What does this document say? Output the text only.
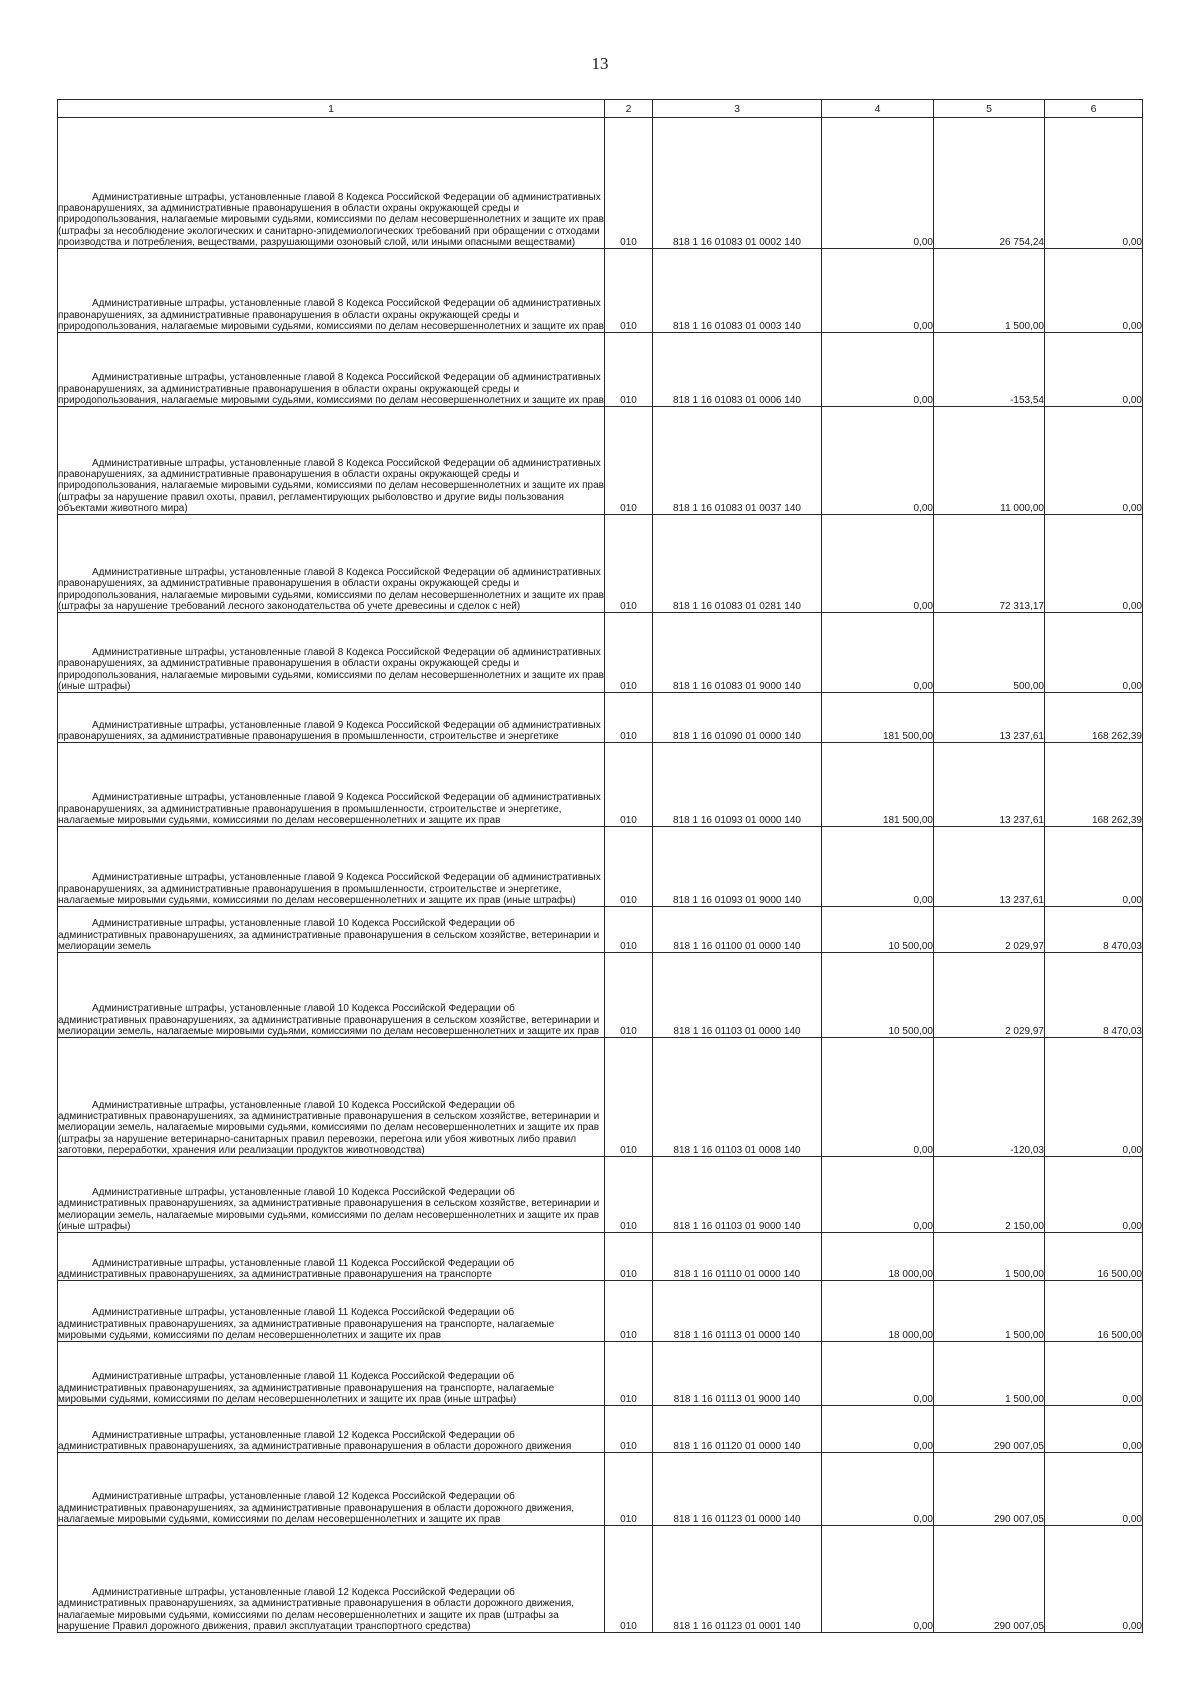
13
1	2	3	4	5	6

Административные штрафы, установленные главой 8 Кодекса Российской Федерации об административных правонарушениях, за административные правонарушения в области охраны окружающей среды и природопользования, налагаемые мировыми судьями, комиссиями по делам несовершеннолетних и защите их прав (штрафы за несоблюдение экологических и санитарно-эпидемиологических требований при обращении с отходами производства и потребления, веществами, разрушающими озоновый слой, или иными опасными веществами)	010	818 1 16 01083 01 0002 140	0,00	26 754,24	0,00

Административные штрафы, установленные главой 8 Кодекса Российской Федерации об административных правонарушениях, за административные правонарушения в области охраны окружающей среды и природопользования, налагаемые мировыми судьями, комиссиями по делам несовершеннолетних и защите их прав	010	818 1 16 01083 01 0003 140	0,00	1 500,00	0,00

Административные штрафы, установленные главой 8 Кодекса Российской Федерации об административных правонарушениях, за административные правонарушения в области охраны окружающей среды и природопользования, налагаемые мировыми судьями, комиссиями по делам несовершеннолетних и защите их прав	010	818 1 16 01083 01 0006 140	0,00	-153,54	0,00

Административные штрафы, установленные главой 8 Кодекса Российской Федерации об административных правонарушениях, за административные правонарушения в области охраны окружающей среды и природопользования, налагаемые мировыми судьями, комиссиями по делам несовершеннолетних и защите их прав (штрафы за нарушение правил охоты, правил, регламентирующих рыболовство и другие виды пользования объектами животного мира)	010	818 1 16 01083 01 0037 140	0,00	11 000,00	0,00

Административные штрафы, установленные главой 8 Кодекса Российской Федерации об административных правонарушениях, за административные правонарушения в области охраны окружающей среды и природопользования, налагаемые мировыми судьями, комиссиями по делам несовершеннолетних и защите их прав (штрафы за нарушение требований лесного законодательства об учете древесины и сделок с ней)	010	818 1 16 01083 01 0281 140	0,00	72 313,17	0,00

Административные штрафы, установленные главой 8 Кодекса Российской Федерации об административных правонарушениях, за административные правонарушения в области охраны окружающей среды и природопользования, налагаемые мировыми судьями, комиссиями по делам несовершеннолетних и защите их прав (иные штрафы)	010	818 1 16 01083 01 9000 140	0,00	500,00	0,00

Административные штрафы, установленные главой 9 Кодекса Российской Федерации об административных правонарушениях, за административные правонарушения в промышленности, строительстве и энергетике	010	818 1 16 01090 01 0000 140	181 500,00	13 237,61	168 262,39

Административные штрафы, установленные главой 9 Кодекса Российской Федерации об административных правонарушениях, за административные правонарушения в промышленности, строительстве и энергетике, налагаемые мировыми судьями, комиссиями по делам несовершеннолетних и защите их прав	010	818 1 16 01093 01 0000 140	181 500,00	13 237,61	168 262,39

Административные штрафы, установленные главой 9 Кодекса Российской Федерации об административных правонарушениях, за административные правонарушения в промышленности, строительстве и энергетике, налагаемые мировыми судьями, комиссиями по делам несовершеннолетних и защите их прав (иные штрафы)	010	818 1 16 01093 01 9000 140	0,00	13 237,61	0,00

Административные штрафы, установленные главой 10 Кодекса Российской Федерации об административных правонарушениях, за административные правонарушения в сельском хозяйстве, ветеринарии и мелиорации земель	010	818 1 16 01100 01 0000 140	10 500,00	2 029,97	8 470,03

Административные штрафы, установленные главой 10 Кодекса Российской Федерации об административных правонарушениях, за административные правонарушения в сельском хозяйстве, ветеринарии и мелиорации земель, налагаемые мировыми судьями, комиссиями по делам несовершеннолетних и защите их прав	010	818 1 16 01103 01 0000 140	10 500,00	2 029,97	8 470,03

Административные штрафы, установленные главой 10 Кодекса Российской Федерации об административных правонарушениях, за административные правонарушения в сельском хозяйстве, ветеринарии и мелиорации земель, налагаемые мировыми судьями, комиссиями по делам несовершеннолетних и защите их прав (штрафы за нарушение ветеринарно-санитарных правил перевозки, перегона или убоя животных либо правил заготовки, переработки, хранения или реализации продуктов животноводства)	010	818 1 16 01103 01 0008 140	0,00	-120,03	0,00

Административные штрафы, установленные главой 10 Кодекса Российской Федерации об административных правонарушениях, за административные правонарушения в сельском хозяйстве, ветеринарии и мелиорации земель, налагаемые мировыми судьями, комиссиями по делам несовершеннолетних и защите их прав (иные штрафы)	010	818 1 16 01103 01 9000 140	0,00	2 150,00	0,00

Административные штрафы, установленные главой 11 Кодекса Российской Федерации об административных правонарушениях, за административные правонарушения на транспорте	010	818 1 16 01110 01 0000 140	18 000,00	1 500,00	16 500,00

Административные штрафы, установленные главой 11 Кодекса Российской Федерации об административных правонарушениях, за административные правонарушения на транспорте, налагаемые мировыми судьями, комиссиями по делам несовершеннолетних и защите их прав	010	818 1 16 01113 01 0000 140	18 000,00	1 500,00	16 500,00

Административные штрафы, установленные главой 11 Кодекса Российской Федерации об административных правонарушениях, за административные правонарушения на транспорте, налагаемые мировыми судьями, комиссиями по делам несовершеннолетних и защите их прав (иные штрафы)	010	818 1 16 01113 01 9000 140	0,00	1 500,00	0,00

Административные штрафы, установленные главой 12 Кодекса Российской Федерации об административных правонарушениях, за административные правонарушения в области дорожного движения	010	818 1 16 01120 01 0000 140	0,00	290 007,05	0,00

Административные штрафы, установленные главой 12 Кодекса Российской Федерации об административных правонарушениях, за административные правонарушения в области дорожного движения, налагаемые мировыми судьями, комиссиями по делам несовершеннолетних и защите их прав	010	818 1 16 01123 01 0000 140	0,00	290 007,05	0,00

Административные штрафы, установленные главой 12 Кодекса Российской Федерации об административных правонарушениях, за административные правонарушения в области дорожного движения, налагаемые мировыми судьями, комиссиями по делам несовершеннолетних и защите их прав (штрафы за нарушение Правил дорожного движения, правил эксплуатации транспортного средства)	010	818 1 16 01123 01 0001 140	0,00	290 007,05	0,00
